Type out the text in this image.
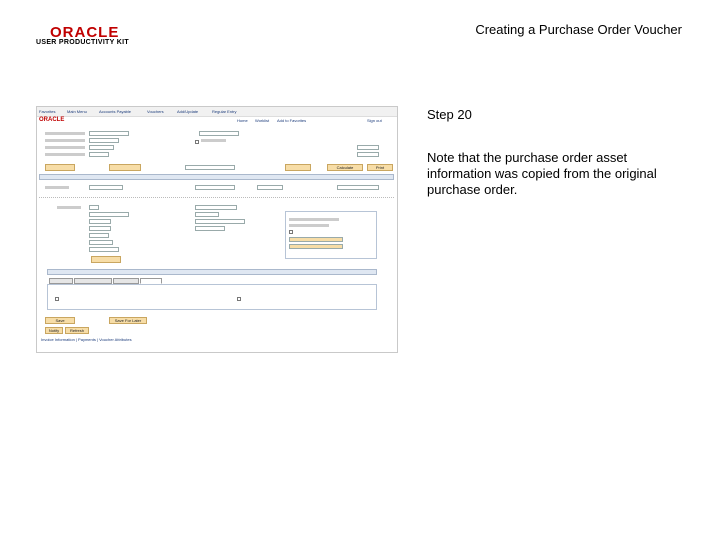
ORACLE
USER PRODUCTIVITY KIT
Creating a Purchase Order Voucher
Step 20
Note that the purchase order asset information was copied from the original purchase order.
Favorites	Main Menu	Accounts Payable	Vouchers	Add/Update	Regular Entry
ORACLE	Home Worklist Add to Favorites	Sign out
Calculate	Print
Save	Save For Later
Notify	Refresh
Invoice Information | Payments | Voucher Attributes
